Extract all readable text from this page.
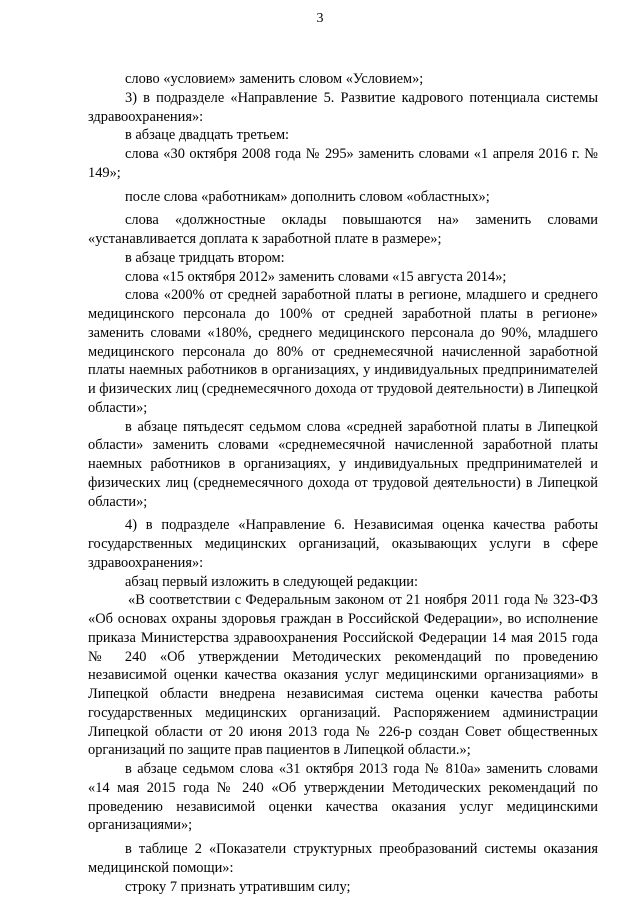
3

слово «условием» заменить словом «Условием»;

3) в подразделе «Направление 5. Развитие кадрового потенциала системы здравоохранения»:

в абзаце двадцать третьем:

слова «30 октября 2008 года № 295» заменить словами «1 апреля 2016 г. № 149»;

после слова «работникам» дополнить словом «областных»;

слова «должностные оклады повышаются на» заменить словами «устанавливается доплата к заработной плате в размере»;

в абзаце тридцать втором:

слова «15 октября 2012» заменить словами «15 августа 2014»;

слова «200% от средней заработной платы в регионе, младшего и среднего медицинского персонала до 100% от средней заработной платы в регионе» заменить словами «180%, среднего медицинского персонала до 90%, младшего медицинского персонала до 80% от среднемесячной начисленной заработной платы наемных работников в организациях, у индивидуальных предпринимателей и физических лиц (среднемесячного дохода от трудовой деятельности) в Липецкой области»;

в абзаце пятьдесят седьмом слова «средней заработной платы в Липецкой области» заменить словами «среднемесячной начисленной заработной платы наемных работников в организациях, у индивидуальных предпринимателей и физических лиц (среднемесячного дохода от трудовой деятельности) в Липецкой области»;

4) в подразделе «Направление 6. Независимая оценка качества работы государственных медицинских организаций, оказывающих услуги в сфере здравоохранения»:

абзац первый изложить в следующей редакции:

«В соответствии с Федеральным законом от 21 ноября 2011 года № 323-ФЗ «Об основах охраны здоровья граждан в Российской Федерации», во исполнение приказа Министерства здравоохранения Российской Федерации 14 мая 2015 года № 240 «Об утверждении Методических рекомендаций по проведению независимой оценки качества оказания услуг медицинскими организациями» в Липецкой области внедрена независимая система оценки качества работы государственных медицинских организаций. Распоряжением администрации Липецкой области от 20 июня 2013 года № 226-р создан Совет общественных организаций по защите прав пациентов в Липецкой области.»;

в абзаце седьмом слова «31 октября 2013 года № 810а» заменить словами «14 мая 2015 года № 240 «Об утверждении Методических рекомендаций по проведению независимой оценки качества оказания услуг медицинскими организациями»;

в таблице 2 «Показатели структурных преобразований системы оказания медицинской помощи»:

строку 7 признать утратившим силу;
